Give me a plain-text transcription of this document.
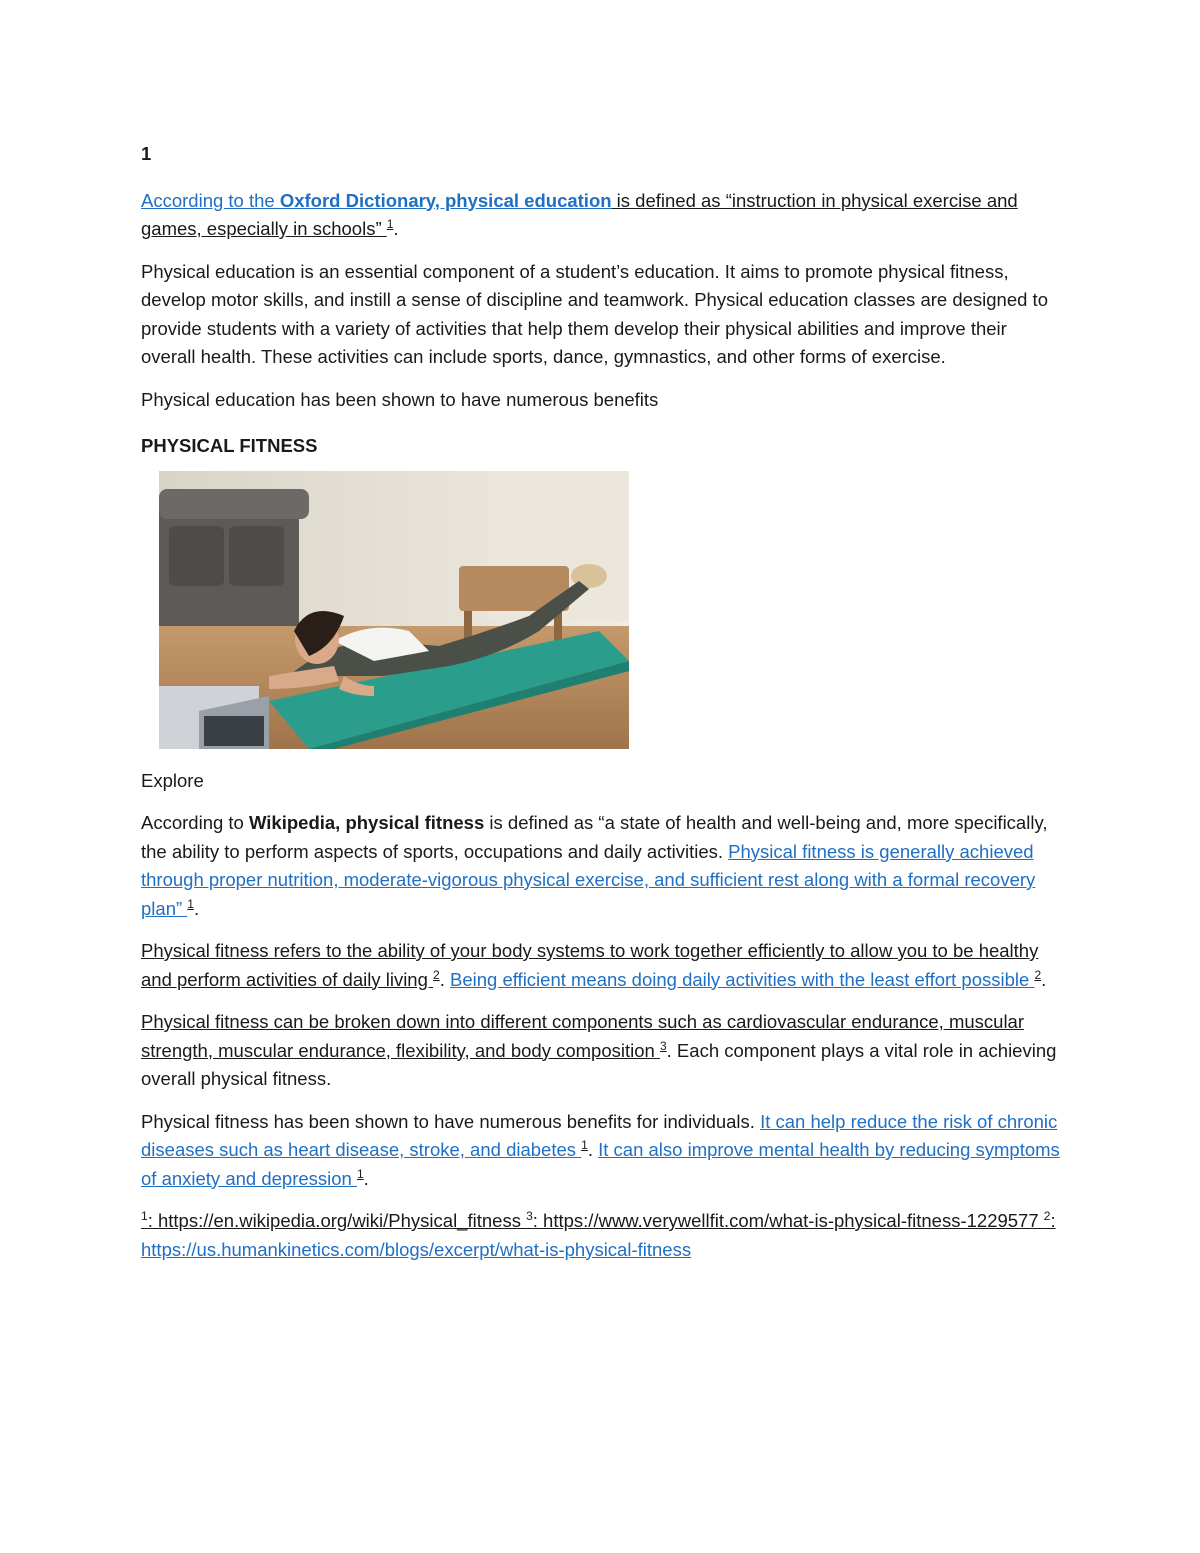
1

According to the Oxford Dictionary, physical education is defined as “instruction in physical exercise and games, especially in schools” $^1$.

Physical education is an essential component of a student’s education. It aims to promote physical fitness, develop motor skills, and instill a sense of discipline and teamwork. Physical education classes are designed to provide students with a variety of activities that help them develop their physical abilities and improve their overall health. These activities can include sports, dance, gymnastics, and other forms of exercise.

Physical education has been shown to have numerous benefits

PHYSICAL FITNESS

Explore

According to Wikipedia, physical fitness is defined as “a state of health and well-being and, more specifically, the ability to perform aspects of sports, occupations and daily activities. Physical fitness is generally achieved through proper nutrition, moderate-vigorous physical exercise, and sufficient rest along with a formal recovery plan” $^1$.

Physical fitness refers to the ability of your body systems to work together efficiently to allow you to be healthy and perform activities of daily living $^2$. Being efficient means doing daily activities with the least effort possible $^2$.

Physical fitness can be broken down into different components such as cardiovascular endurance, muscular strength, muscular endurance, flexibility, and body composition $^3$. Each component plays a vital role in achieving overall physical fitness.

Physical fitness has been shown to have numerous benefits for individuals. It can help reduce the risk of chronic diseases such as heart disease, stroke, and diabetes $^1$. It can also improve mental health by reducing symptoms of anxiety and depression $^1$.

$^1$: https://en.wikipedia.org/wiki/Physical_fitness $^3$: https://www.verywellfit.com/what-is-physical-fitness-1229577 $^2$: https://us.humankinetics.com/blogs/excerpt/what-is-physical-fitness
